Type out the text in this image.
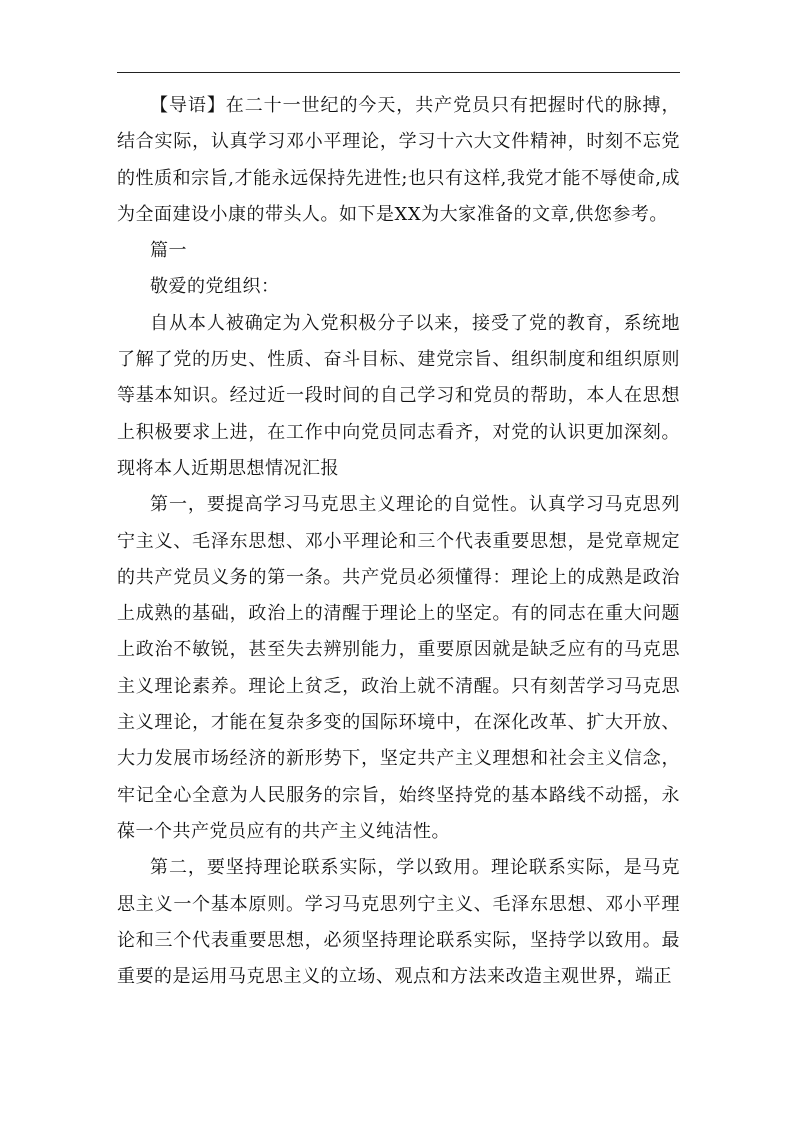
【导语】在二十一世纪的今天，共产党员只有把握时代的脉搏，结合实际，认真学习邓小平理论，学习十六大文件精神，时刻不忘党的性质和宗旨,才能永远保持先进性;也只有这样,我党才能不辱使命,成为全面建设小康的带头人。如下是XX为大家准备的文章,供您参考。

篇一

敬爱的党组织：

自从本人被确定为入党积极分子以来，接受了党的教育，系统地了解了党的历史、性质、奋斗目标、建党宗旨、组织制度和组织原则等基本知识。经过近一段时间的自己学习和党员的帮助，本人在思想上积极要求上进，在工作中向党员同志看齐，对党的认识更加深刻。现将本人近期思想情况汇报

第一，要提高学习马克思主义理论的自觉性。认真学习马克思列宁主义、毛泽东思想、邓小平理论和三个代表重要思想，是党章规定的共产党员义务的第一条。共产党员必须懂得：理论上的成熟是政治上成熟的基础，政治上的清醒于理论上的坚定。有的同志在重大问题上政治不敏锐，甚至失去辨别能力，重要原因就是缺乏应有的马克思主义理论素养。理论上贫乏，政治上就不清醒。只有刻苦学习马克思主义理论，才能在复杂多变的国际环境中，在深化改革、扩大开放、大力发展市场经济的新形势下，坚定共产主义理想和社会主义信念，牢记全心全意为人民服务的宗旨，始终坚持党的基本路线不动摇，永葆一个共产党员应有的共产主义纯洁性。

第二，要坚持理论联系实际，学以致用。理论联系实际，是马克思主义一个基本原则。学习马克思列宁主义、毛泽东思想、邓小平理论和三个代表重要思想，必须坚持理论联系实际，坚持学以致用。最重要的是运用马克思主义的立场、观点和方法来改造主观世界，端正
